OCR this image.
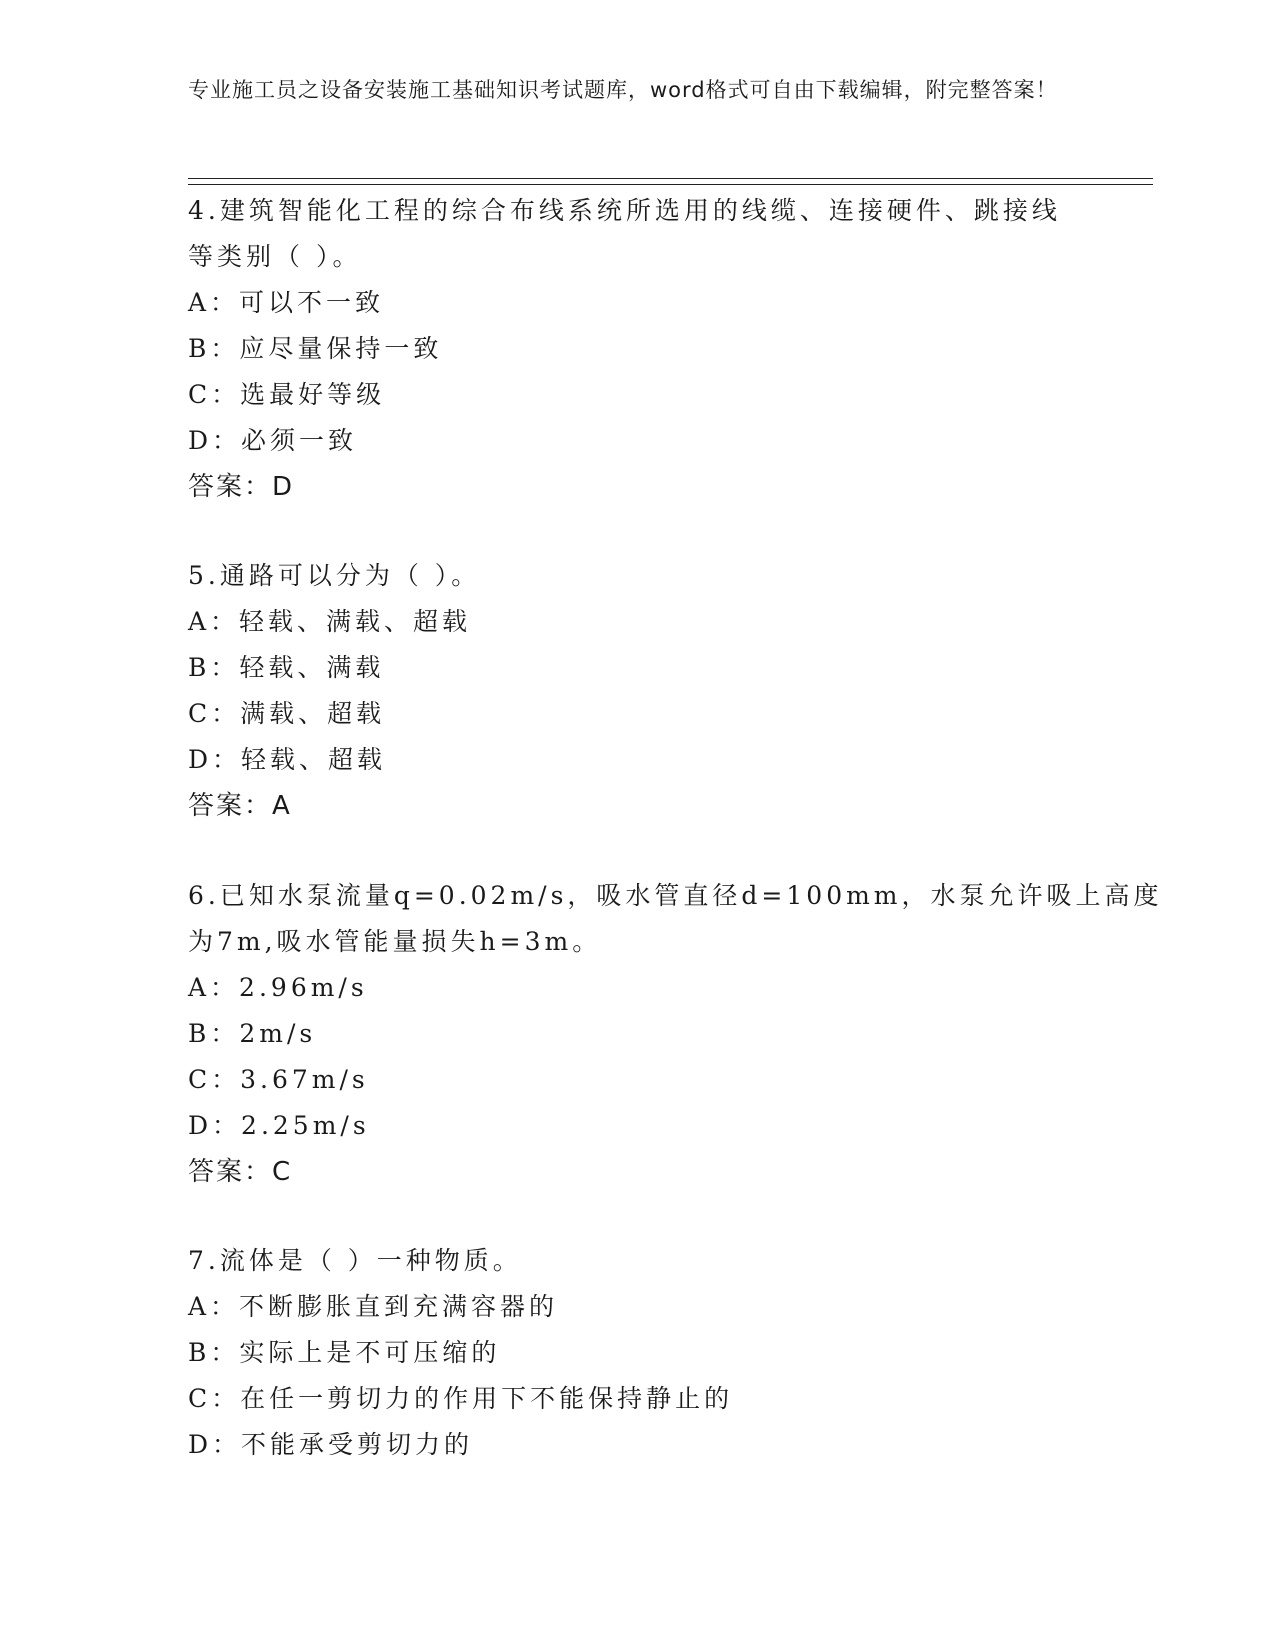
专业施工员之设备安装施工基础知识考试题库，word格式可自由下载编辑，附完整答案！

4.建筑智能化工程的综合布线系统所选用的线缆、连接硬件、跳接线

等类别（ ）。

A：可以不一致

B：应尽量保持一致

C：选最好等级

D：必须一致

答案：D

5.通路可以分为（ ）。

A：轻载、满载、超载

B：轻载、满载

C：满载、超载

D：轻载、超载

答案：A

6.已知水泵流量q=0.02m/s，吸水管直径d=100mm，水泵允许吸上高度

为7m,吸水管能量损失h=3m。

A：2.96m/s

B：2m/s

C：3.67m/s

D：2.25m/s

答案：C

7.流体是（ ）一种物质。

A：不断膨胀直到充满容器的

B：实际上是不可压缩的

C：在任一剪切力的作用下不能保持静止的

D：不能承受剪切力的
